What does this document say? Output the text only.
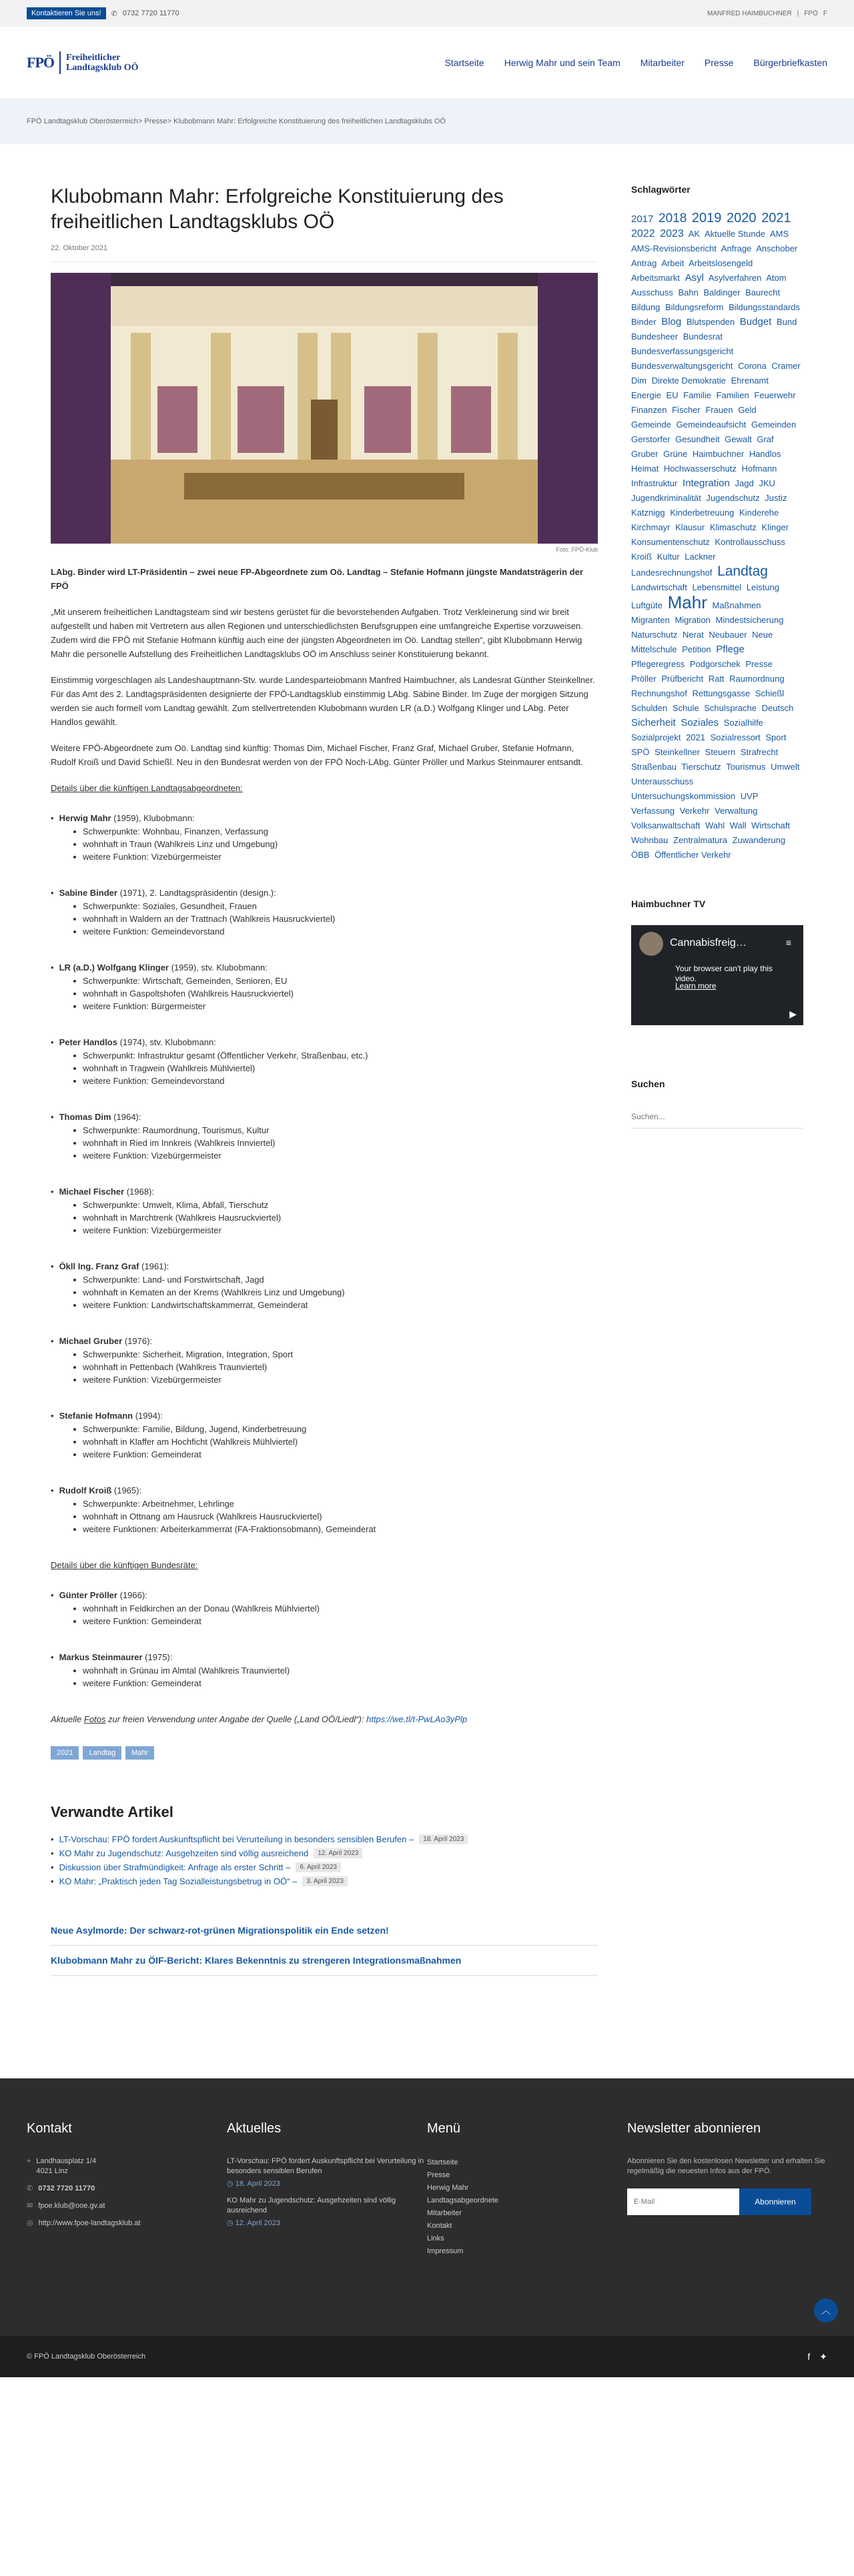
Kontaktieren Sie uns!	✆ 0732 7720 11770	MANFRED HAIMBUCHNER | FPÖ F
FPÖ Freiheitlicher
Landtagsklub OÖ	Startseite Herwig Mahr und sein Team Mitarbeiter Presse Bürgerbriefkasten
FPÖ Landtagsklub Oberösterreich > Presse > Klubobmann Mahr: Erfolgreiche Konstituierung des freiheitlichen Landtagsklubs OÖ
Klubobmann Mahr: Erfolgreiche Konstituierung des freiheitlichen Landtagsklubs OÖ
22. Oktober 2021
Foto: FPÖ-Klub

LAbg. Binder wird LT-Präsidentin – zwei neue FP-Abgeordnete zum Oö. Landtag – Stefanie Hofmann jüngste Mandatsträgerin der FPÖ

„Mit unserem freiheitlichen Landtagsteam sind wir bestens gerüstet für die bevorstehenden Aufgaben. Trotz Verkleinerung sind wir breit aufgestellt und haben mit Vertretern aus allen Regionen und unterschiedlichsten Berufsgruppen eine umfangreiche Expertise vorzuweisen. Zudem wird die FPÖ mit Stefanie Hofmann künftig auch eine der jüngsten Abgeordneten im Oö. Landtag stellen“, gibt Klubobmann Herwig Mahr die personelle Aufstellung des Freiheitlichen Landtagsklubs OÖ im Anschluss seiner Konstituierung bekannt.

Einstimmig vorgeschlagen als Landeshauptmann-Stv. wurde Landesparteiobmann Manfred Haimbuchner, als Landesrat Günther Steinkellner. Für das Amt des 2. Landtagspräsidenten designierte der FPÖ-Landtagsklub einstimmig LAbg. Sabine Binder. Im Zuge der morgigen Sitzung werden sie auch formell vom Landtag gewählt. Zum stellvertretenden Klubobmann wurden LR (a.D.) Wolfgang Klinger und LAbg. Peter Handlos gewählt.

Weitere FPÖ-Abgeordnete zum Oö. Landtag sind künftig: Thomas Dim, Michael Fischer, Franz Graf, Michael Gruber, Stefanie Hofmann, Rudolf Kroiß und David Schießl. Neu in den Bundesrat werden von der FPÖ Noch-LAbg. Günter Pröller und Markus Steinmaurer entsandt.

Details über die künftigen Landtagsabgeordneten:

• Herwig Mahr (1959), Klubobmann:
Schwerpunkte: Wohnbau, Finanzen, Verfassung
wohnhaft in Traun (Wahlkreis Linz und Umgebung)
weitere Funktion: Vizebürgermeister
• Sabine Binder (1971), 2. Landtagspräsidentin (design.):
Schwerpunkte: Soziales, Gesundheit, Frauen
wohnhaft in Waldern an der Trattnach (Wahlkreis Hausruckviertel)
weitere Funktion: Gemeindevorstand
• LR (a.D.) Wolfgang Klinger (1959), stv. Klubobmann:
Schwerpunkte: Wirtschaft, Gemeinden, Senioren, EU
wohnhaft in Gaspoltshofen (Wahlkreis Hausruckviertel)
weitere Funktion: Bürgermeister
• Peter Handlos (1974), stv. Klubobmann:
Schwerpunkt: Infrastruktur gesamt (Öffentlicher Verkehr, Straßenbau, etc.)
wohnhaft in Tragwein (Wahlkreis Mühlviertel)
weitere Funktion: Gemeindevorstand
• Thomas Dim (1964):
Schwerpunkte: Raumordnung, Tourismus, Kultur
wohnhaft in Ried im Innkreis (Wahlkreis Innviertel)
weitere Funktion: Vizebürgermeister
• Michael Fischer (1968):
Schwerpunkte: Umwelt, Klima, Abfall, Tierschutz
wohnhaft in Marchtrenk (Wahlkreis Hausruckviertel)
weitere Funktion: Vizebürgermeister
• Ökll Ing. Franz Graf (1961):
Schwerpunkte: Land- und Forstwirtschaft, Jagd
wohnhaft in Kematen an der Krems (Wahlkreis Linz und Umgebung)
weitere Funktion: Landwirtschaftskammerrat, Gemeinderat
• Michael Gruber (1976):
Schwerpunkte: Sicherheit, Migration, Integration, Sport
wohnhaft in Pettenbach (Wahlkreis Traunviertel)
weitere Funktion: Vizebürgermeister
• Stefanie Hofmann (1994):
Schwerpunkte: Familie, Bildung, Jugend, Kinderbetreuung
wohnhaft in Klaffer am Hochficht (Wahlkreis Mühlviertel)
weitere Funktion: Gemeinderat
• Rudolf Kroiß (1965):
Schwerpunkte: Arbeitnehmer, Lehrlinge
wohnhaft in Ottnang am Hausruck (Wahlkreis Hausruckviertel)
weitere Funktionen: Arbeiterkammerrat (FA-Fraktionsobmann), Gemeinderat

Details über die künftigen Bundesräte:

• Günter Pröller (1966):
wohnhaft in Feldkirchen an der Donau (Wahlkreis Mühlviertel)
weitere Funktion: Gemeinderat
• Markus Steinmaurer (1975):
wohnhaft in Grünau im Almtal (Wahlkreis Traunviertel)
weitere Funktion: Gemeinderat

Aktuelle Fotos zur freien Verwendung unter Angabe der Quelle („Land OÖ/Liedl“): https://we.tl/t-PwLAo3yPlp

2021	Landtag	Mahr
Verwandte Artikel
• LT-Vorschau: FPÖ fordert Auskunftspflicht bei Verurteilung in besonders sensiblen Berufen –	18. April 2023
• KO Mahr zu Jugendschutz: Ausgehzeiten sind völlig ausreichend	12. April 2023
• Diskussion über Strafmündigkeit: Anfrage als erster Schritt –	6. April 2023
• KO Mahr: „Praktisch jeden Tag Sozialleistungsbetrug in OÖ“ –	3. April 2023
Neue Asylmorde: Der schwarz-rot-grünen Migrationspolitik ein Ende setzen!
Klubobmann Mahr zu ÖIF-Bericht: Klares Bekenntnis zu strengeren Integrationsmaßnahmen
Schlagwörter
2017 2018 2019 2020 2021 2022 2023 AK Aktuelle Stunde AMS AMS-Revisionsbericht Anfrage Anschober Antrag Arbeit Arbeitslosengeld Arbeitsmarkt Asyl Asylverfahren Atom Ausschuss Bahn Baldinger Baurecht Bildung Bildungsreform Bildungsstandards Binder Blog Blutspenden Budget Bund Bundesheer Bundesrat Bundesverfassungsgericht Bundesverwaltungsgericht Corona Cramer Dim Direkte Demokratie Ehrenamt Energie EU Familie Familien Feuerwehr Finanzen Fischer Frauen Geld Gemeinde Gemeindeaufsicht Gemeinden Gerstorfer Gesundheit Gewalt Graf Gruber Grüne Haimbuchner Handlos Heimat Hochwasserschutz Hofmann Infrastruktur Integration Jagd JKU Jugendkriminalität Jugendschutz Justiz Katznigg Kinderbetreuung Kinderehe Kirchmayr Klausur Klimaschutz Klinger Konsumentenschutz Kontrollausschuss Kroiß Kultur Lackner Landesrechnungshof Landtag Landwirtschaft Lebensmittel Leistung Luftgüte Mahr Maßnahmen Migranten Migration Mindestsicherung Naturschutz Nerat Neubauer Neue Mittelschule Petition Pflege Pflegeregress Podgorschek Presse Pröller Prüfbericht Ratt Raumordnung Rechnungshof Rettungsgasse Schießl Schulden Schule Schulsprache Deutsch Sicherheit Soziales Sozialhilfe Sozialprojekt 2021 Sozialressort Sport SPÖ Steinkellner Steuern Strafrecht Straßenbau Tierschutz Tourismus Umwelt Unterausschuss Untersuchungskommission UVP Verfassung Verkehr Verwaltung Volksanwaltschaft Wahl Wall Wirtschaft Wohnbau Zentralmatura Zuwanderung ÖBB Öffentlicher Verkehr
Haimbuchner TV
Cannabisfreig…	≡
Your browser can't play this
video.
Learn more
▶
Suchen
Suchen...
Kontakt
⌖ Landhausplatz 1/4
4021 Linz
✆ 0732 7720 11770
✉ fpoe.klub@ooe.gv.at
◎ http://www.fpoe-landtagsklub.at
Aktuelles
LT-Vorschau: FPÖ fordert Auskunftspflicht bei Verurteilung in besonders sensiblen Berufen
◷ 18. April 2023
KO Mahr zu Jugendschutz: Ausgehzeiten sind völlig ausreichend
◷ 12. April 2023
Menü
Startseite
Presse
Herwig Mahr
Landtagsabgeordnete
Mitarbeiter
Kontakt
Links
Impressum
Newsletter abonnieren

Abonnieren Sie den kostenlosen Newsletter und erhalten Sie regelmäßig die neuesten Infos aus der FPÖ.

E-Mail
Abonnieren
︿
© FPÖ Landtagsklub Oberösterreich	f ✦
